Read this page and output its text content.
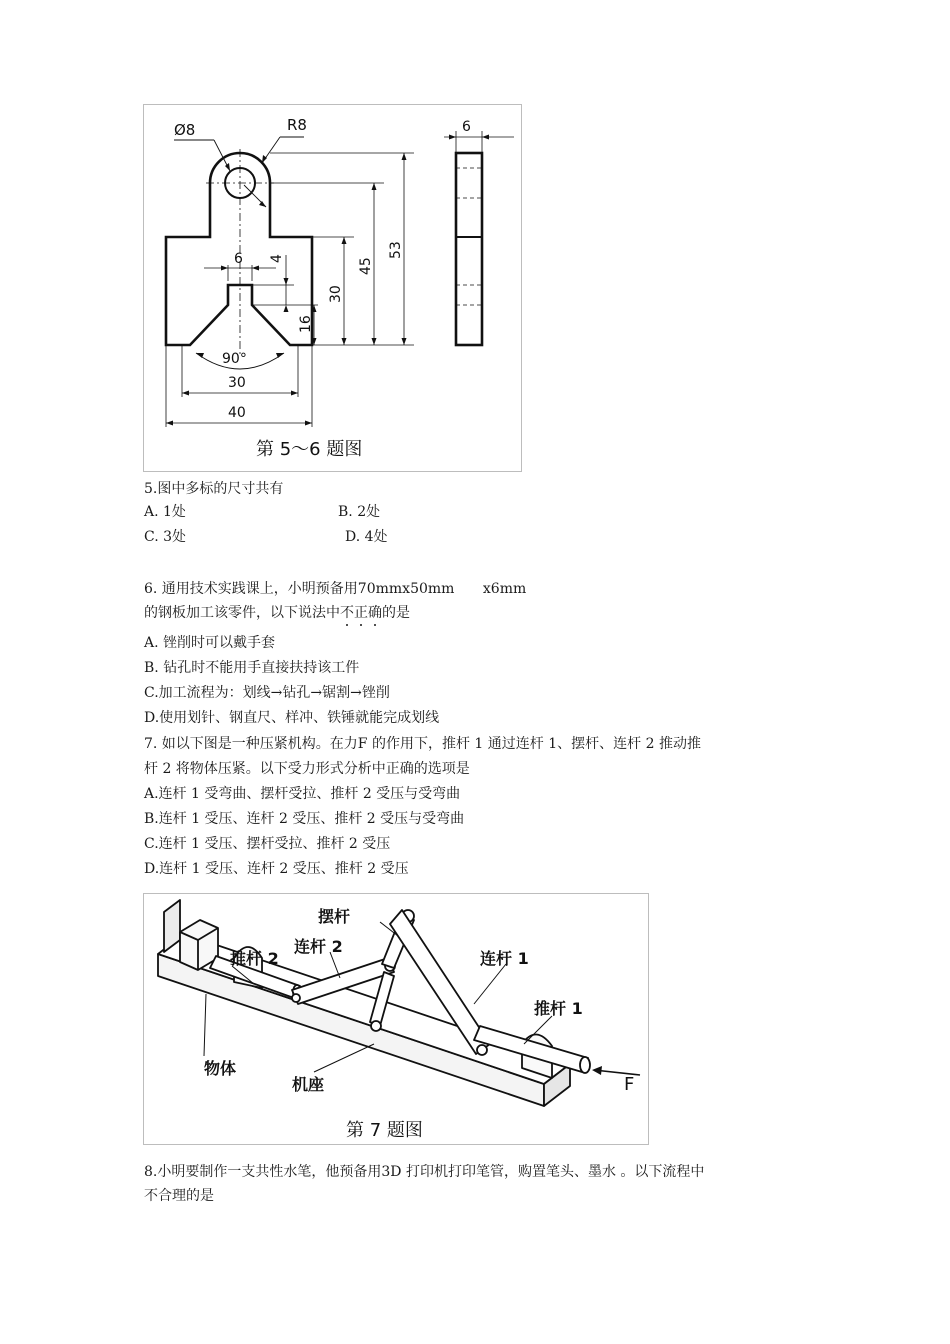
Ø8	R8	6
6 4
16
30
45
53
90°
30
40
第 5～6 题图
5.图中多标的尺寸共有
A. 1处	B. 2处
C. 3处	D. 4处
6. 通用技术实践课上，小明预备用70mmx50mm x6mm
的钢板加工该零件，以下说法中不正确的是
A. 锉削时可以戴手套
B. 钻孔时不能用手直接扶持该工件
C.加工流程为：划线→钻孔→锯割→锉削
D.使用划针、钢直尺、样冲、铁锤就能完成划线
7. 如以下图是一种压紧机构。在力F 的作用下，推杆 1 通过连杆 1、摆杆、连杆 2 推动推
杆 2 将物体压紧。以下受力形式分析中正确的选项是
A.连杆 1 受弯曲、摆杆受拉、推杆 2 受压与受弯曲
B.连杆 1 受压、连杆 2 受压、推杆 2 受压与受弯曲
C.连杆 1 受压、摆杆受拉、推杆 2 受压
D.连杆 1 受压、连杆 2 受压、推杆 2 受压
摆杆
连杆 2
推杆 2	连杆 1
推杆 1
物体
机座	F
第 7 题图
8.小明要制作一支共性水笔，他预备用3D 打印机打印笔管，购置笔头、墨水 。以下流程中
不合理的是
